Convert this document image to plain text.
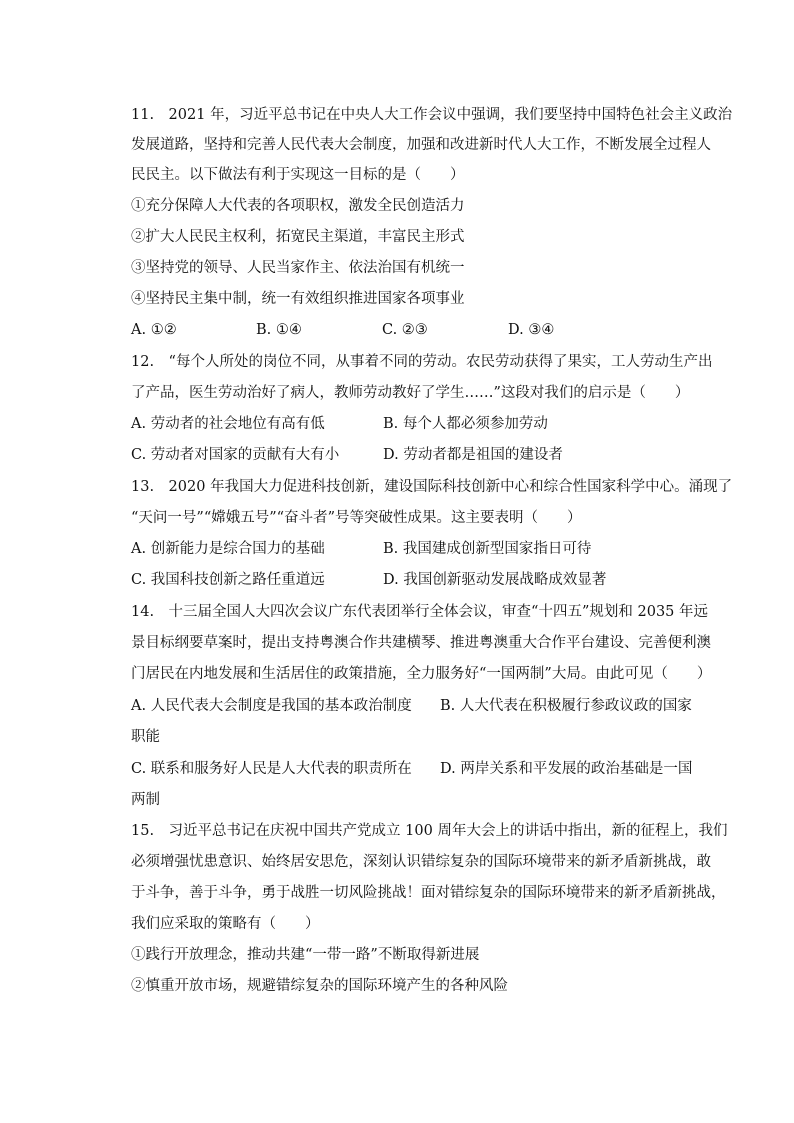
11.　2021 年，习近平总书记在中央人大工作会议中强调，我们要坚持中国特色社会主义政治
发展道路，坚持和完善人民代表大会制度，加强和改进新时代人大工作，不断发展全过程人
民民主。以下做法有利于实现这一目标的是（　　）
①充分保障人大代表的各项职权，激发全民创造活力
②扩大人民民主权利，拓宽民主渠道，丰富民主形式
③坚持党的领导、人民当家作主、依法治国有机统一
④坚持民主集中制，统一有效组织推进国家各项事业
A. ①②	B. ①④	C. ②③	D. ③④
12.　“每个人所处的岗位不同，从事着不同的劳动。农民劳动获得了果实，工人劳动生产出
了产品，医生劳动治好了病人，教师劳动教好了学生……”这段对我们的启示是（　　）
A. 劳动者的社会地位有高有低	B. 每个人都必须参加劳动
C. 劳动者对国家的贡献有大有小	D. 劳动者都是祖国的建设者
13.　2020 年我国大力促进科技创新，建设国际科技创新中心和综合性国家科学中心。涌现了
“天问一号”“嫦娥五号”“奋斗者”号等突破性成果。这主要表明（　　）
A. 创新能力是综合国力的基础	B. 我国建成创新型国家指日可待
C. 我国科技创新之路任重道远	D. 我国创新驱动发展战略成效显著
14.　十三届全国人大四次会议广东代表团举行全体会议，审查“十四五”规划和 2035 年远
景目标纲要草案时，提出支持粤澳合作共建横琴、推进粤澳重大合作平台建设、完善便利澳
门居民在内地发展和生活居住的政策措施，全力服务好“一国两制”大局。由此可见（　　）
A. 人民代表大会制度是我国的基本政治制度 B. 人大代表在积极履行参政议政的国家
职能
C. 联系和服务好人民是人大代表的职责所在 D. 两岸关系和平发展的政治基础是一国
两制
15.　习近平总书记在庆祝中国共产党成立 100 周年大会上的讲话中指出，新的征程上，我们
必须增强忧患意识、始终居安思危，深刻认识错综复杂的国际环境带来的新矛盾新挑战，敢
于斗争，善于斗争，勇于战胜一切风险挑战！面对错综复杂的国际环境带来的新矛盾新挑战，
我们应采取的策略有（　　）
①践行开放理念，推动共建“一带一路”不断取得新进展
②慎重开放市场，规避错综复杂的国际环境产生的各种风险
